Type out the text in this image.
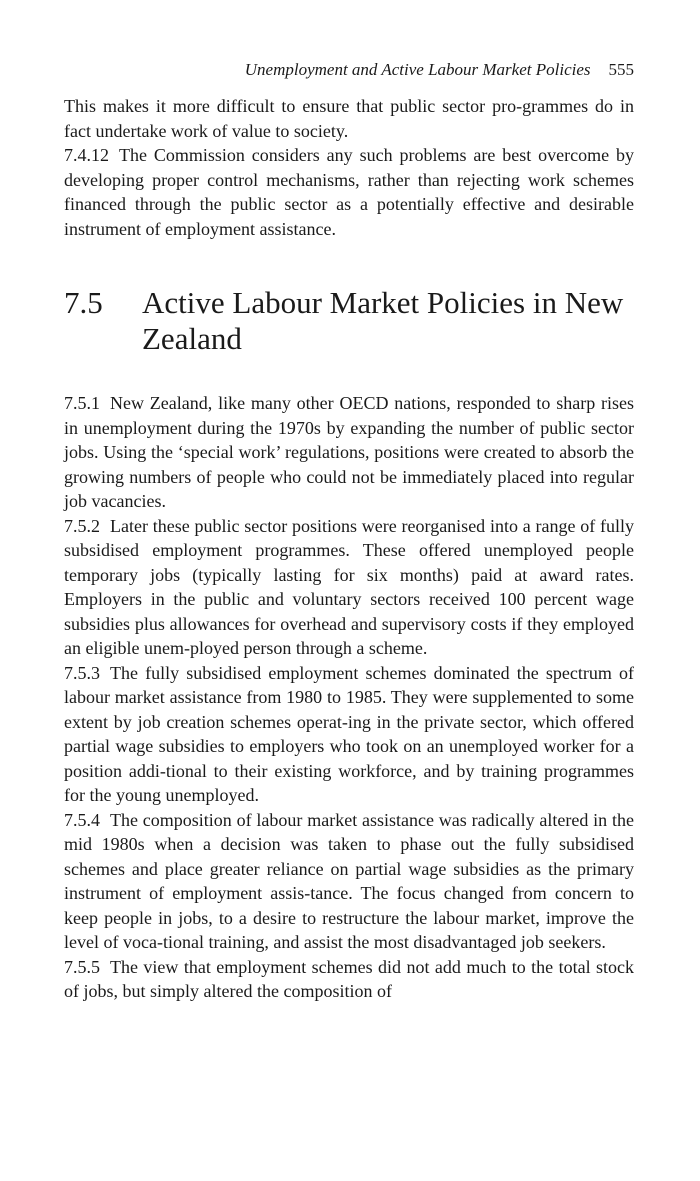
Unemployment and Active Labour Market Policies 555

This makes it more difficult to ensure that public sector pro-grammes do in fact undertake work of value to society.

7.4.12 The Commission considers any such problems are best overcome by developing proper control mechanisms, rather than rejecting work schemes financed through the public sector as a potentially effective and desirable instrument of employment assistance.

7.5	Active Labour Market Policies in New Zealand

7.5.1 New Zealand, like many other OECD nations, responded to sharp rises in unemployment during the 1970s by expanding the number of public sector jobs. Using the ‘special work’ regulations, positions were created to absorb the growing numbers of people who could not be immediately placed into regular job vacancies.

7.5.2 Later these public sector positions were reorganised into a range of fully subsidised employment programmes. These offered unemployed people temporary jobs (typically lasting for six months) paid at award rates. Employers in the public and voluntary sectors received 100 percent wage subsidies plus allowances for overhead and supervisory costs if they employed an eligible unem-ployed person through a scheme.

7.5.3 The fully subsidised employment schemes dominated the spectrum of labour market assistance from 1980 to 1985. They were supplemented to some extent by job creation schemes operat-ing in the private sector, which offered partial wage subsidies to employers who took on an unemployed worker for a position addi-tional to their existing workforce, and by training programmes for the young unemployed.

7.5.4 The composition of labour market assistance was radically altered in the mid 1980s when a decision was taken to phase out the fully subsidised schemes and place greater reliance on partial wage subsidies as the primary instrument of employment assis-tance. The focus changed from concern to keep people in jobs, to a desire to restructure the labour market, improve the level of voca-tional training, and assist the most disadvantaged job seekers.

7.5.5 The view that employment schemes did not add much to the total stock of jobs, but simply altered the composition of
